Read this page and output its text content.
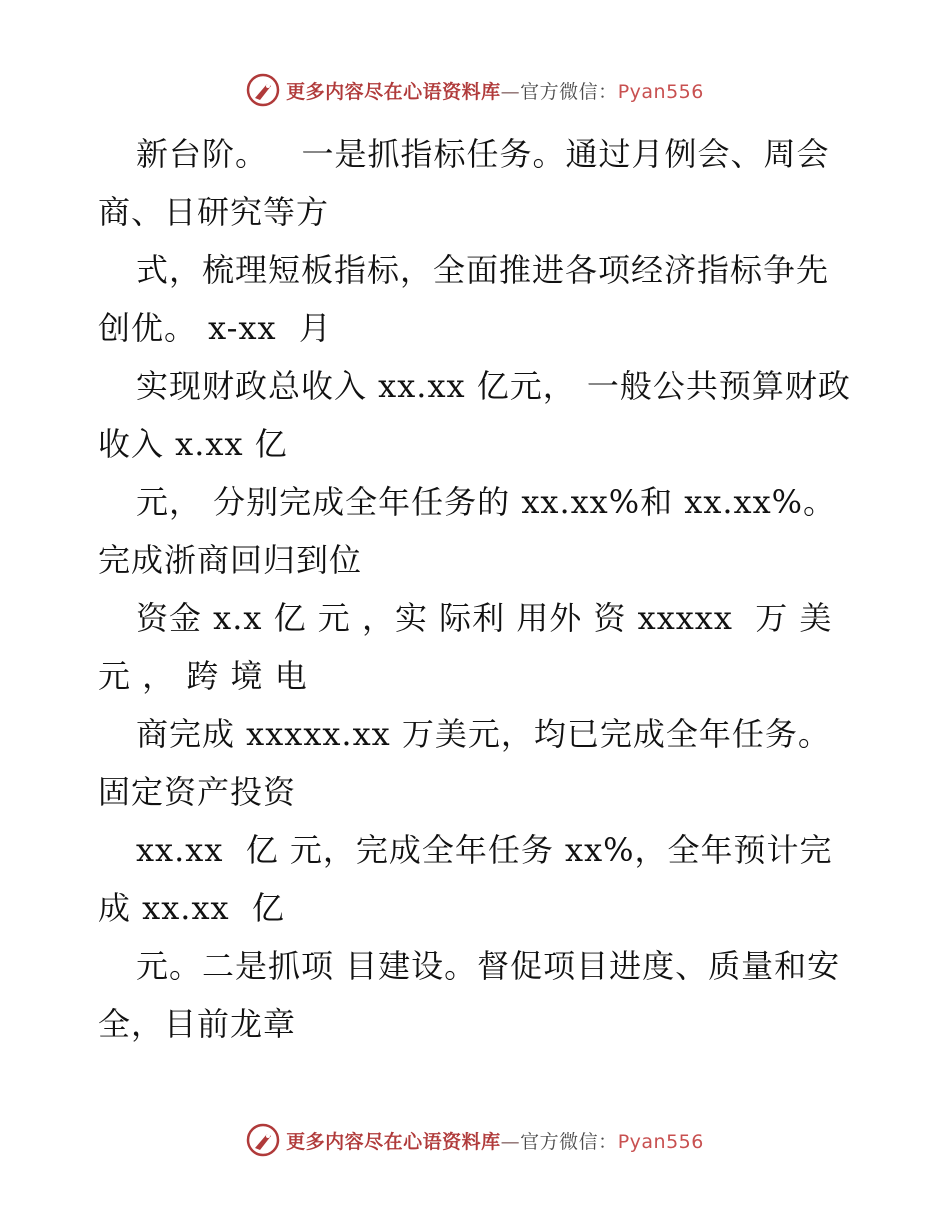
更多内容尽在心语资料库—官方微信：Pyan556

新台阶。   一是抓指标任务。通过月例会、周会商、日研究等方

式，梳理短板指标，全面推进各项经济指标争先创优。 x-xx  月

实现财政总收入 xx.xx 亿元， 一般公共预算财政收入 x.xx 亿

元， 分别完成全年任务的 xx.xx%和 xx.xx%。完成浙商回归到位

资金 x.x 亿 元 ，实 际利 用外 资 xxxxx  万 美 元 ， 跨 境 电

商完成 xxxxx.xx 万美元，均已完成全年任务。固定资产投资

xx.xx  亿 元，完成全年任务 xx%，全年预计完成 xx.xx  亿

元。二是抓项 目建设。督促项目进度、质量和安全，目前龙章

更多内容尽在心语资料库—官方微信：Pyan556
